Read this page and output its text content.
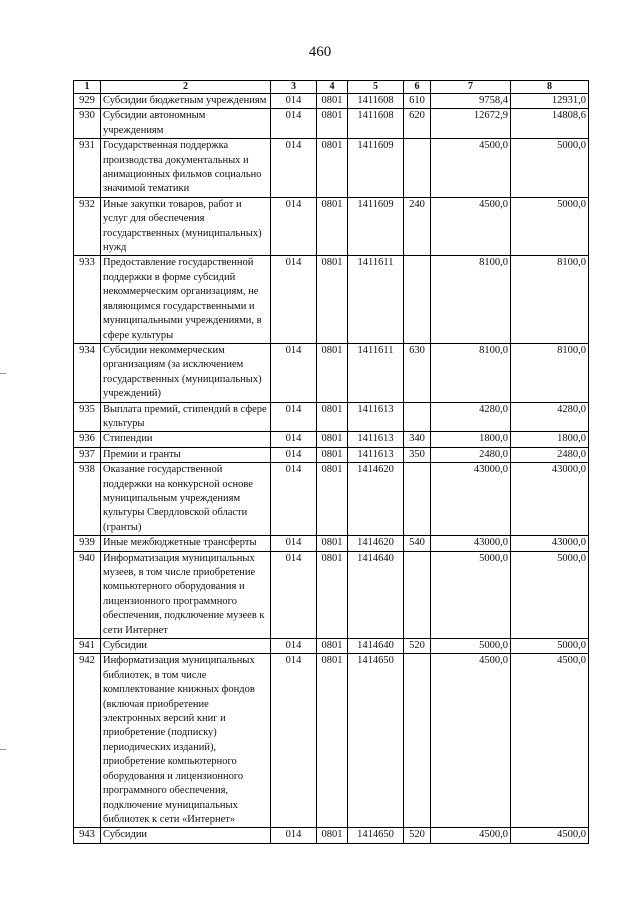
460
1	2	3	4	5	6	7	8
929	Субсидии бюджетным учреждениям	014	0801	1411608	610	9758,4	12931,0
930	Субсидии автономным учреждениям	014	0801	1411608	620	12672,9	14808,6
931	Государственная поддержка производства документальных и анимационных фильмов социально значимой тематики	014	0801	1411609		4500,0	5000,0
932	Иные закупки товаров, работ и услуг для обеспечения государственных (муниципальных) нужд	014	0801	1411609	240	4500,0	5000,0
933	Предоставление государственной поддержки в форме субсидий некоммерческим организациям, не являющимся государственными и муниципальными учреждениями, в сфере культуры	014	0801	1411611		8100,0	8100,0
934	Субсидии некоммерческим организациям (за исключением государственных (муниципальных) учреждений)	014	0801	1411611	630	8100,0	8100,0
935	Выплата премий, стипендий в сфере культуры	014	0801	1411613		4280,0	4280,0
936	Стипендии	014	0801	1411613	340	1800,0	1800,0
937	Премии и гранты	014	0801	1411613	350	2480,0	2480,0
938	Оказание государственной поддержки на конкурсной основе муниципальным учреждениям культуры Свердловской области (гранты)	014	0801	1414620		43000,0	43000,0
939	Иные межбюджетные трансферты	014	0801	1414620	540	43000,0	43000,0
940	Информатизация муниципальных музеев, в том числе приобретение компьютерного оборудования и лицензионного программного обеспечения, подключение музеев к сети Интернет	014	0801	1414640		5000,0	5000,0
941	Субсидии	014	0801	1414640	520	5000,0	5000,0
942	Информатизация муниципальных библиотек, в том числе комплектование книжных фондов (включая приобретение электронных версий книг и приобретение (подписку) периодических изданий), приобретение компьютерного оборудования и лицензионного программного обеспечения, подключение муниципальных библиотек к сети «Интернет»	014	0801	1414650		4500,0	4500,0
943	Субсидии	014	0801	1414650	520	4500,0	4500,0
